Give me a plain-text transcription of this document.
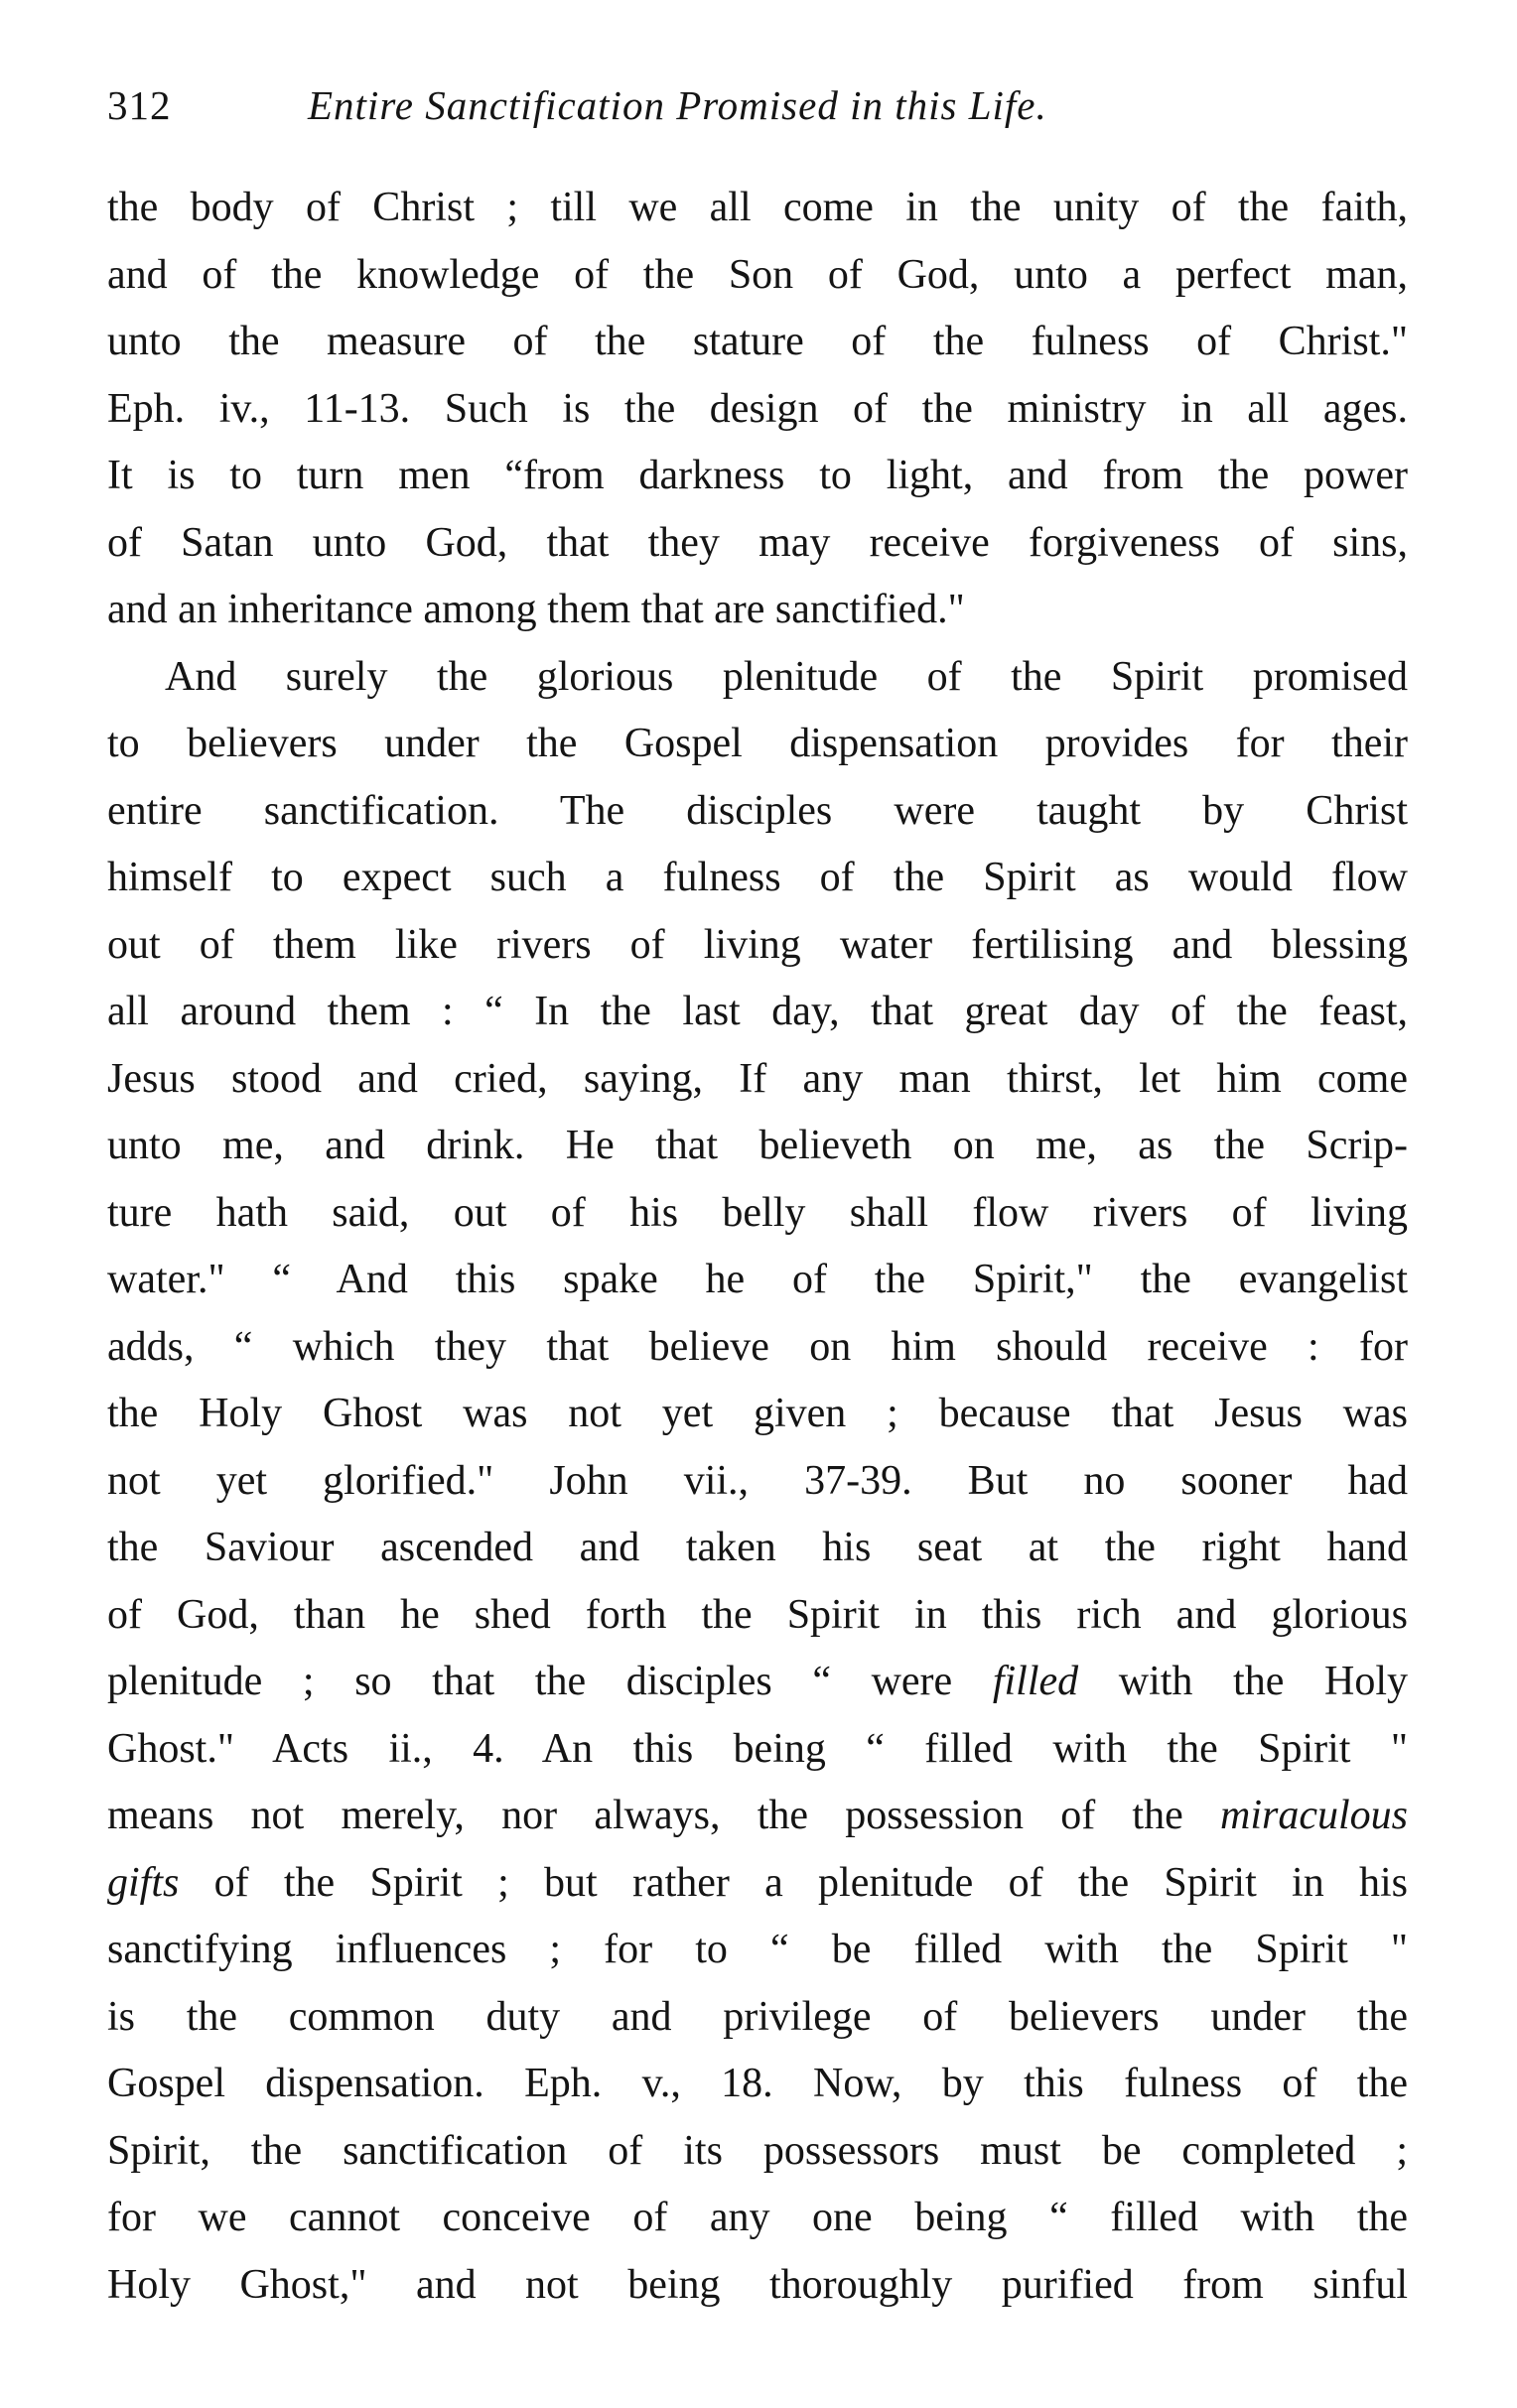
312	Entire Sanctification Promised in this Life.
the body of Christ ; till we all come in the unity of the faith,
and of the knowledge of the Son of God, unto a perfect man,
unto the measure of the stature of the fulness of Christ."
Eph. iv., 11-13. Such is the design of the ministry in all ages.
It is to turn men “from darkness to light, and from the power
of Satan unto God, that they may receive forgiveness of sins,
and an inheritance among them that are sanctified."
And surely the glorious plenitude of the Spirit promised
to believers under the Gospel dispensation provides for their
entire sanctification. The disciples were taught by Christ
himself to expect such a fulness of the Spirit as would flow
out of them like rivers of living water fertilising and blessing
all around them : “ In the last day, that great day of the feast,
Jesus stood and cried, saying, If any man thirst, let him come
unto me, and drink. He that believeth on me, as the Scrip-
ture hath said, out of his belly shall flow rivers of living
water." “ And this spake he of the Spirit," the evangelist
adds, “ which they that believe on him should receive : for
the Holy Ghost was not yet given ; because that Jesus was
not yet glorified." John vii., 37-39. But no sooner had
the Saviour ascended and taken his seat at the right hand
of God, than he shed forth the Spirit in this rich and glorious
plenitude ; so that the disciples “ were filled with the Holy
Ghost." Acts ii., 4. An this being “ filled with the Spirit "
means not merely, nor always, the possession of the miraculous
gifts of the Spirit ; but rather a plenitude of the Spirit in his
sanctifying influences ; for to “ be filled with the Spirit "
is the common duty and privilege of believers under the
Gospel dispensation. Eph. v., 18. Now, by this fulness of the
Spirit, the sanctification of its possessors must be completed ;
for we cannot conceive of any one being “ filled with the
Holy Ghost," and not being thoroughly purified from sinful
